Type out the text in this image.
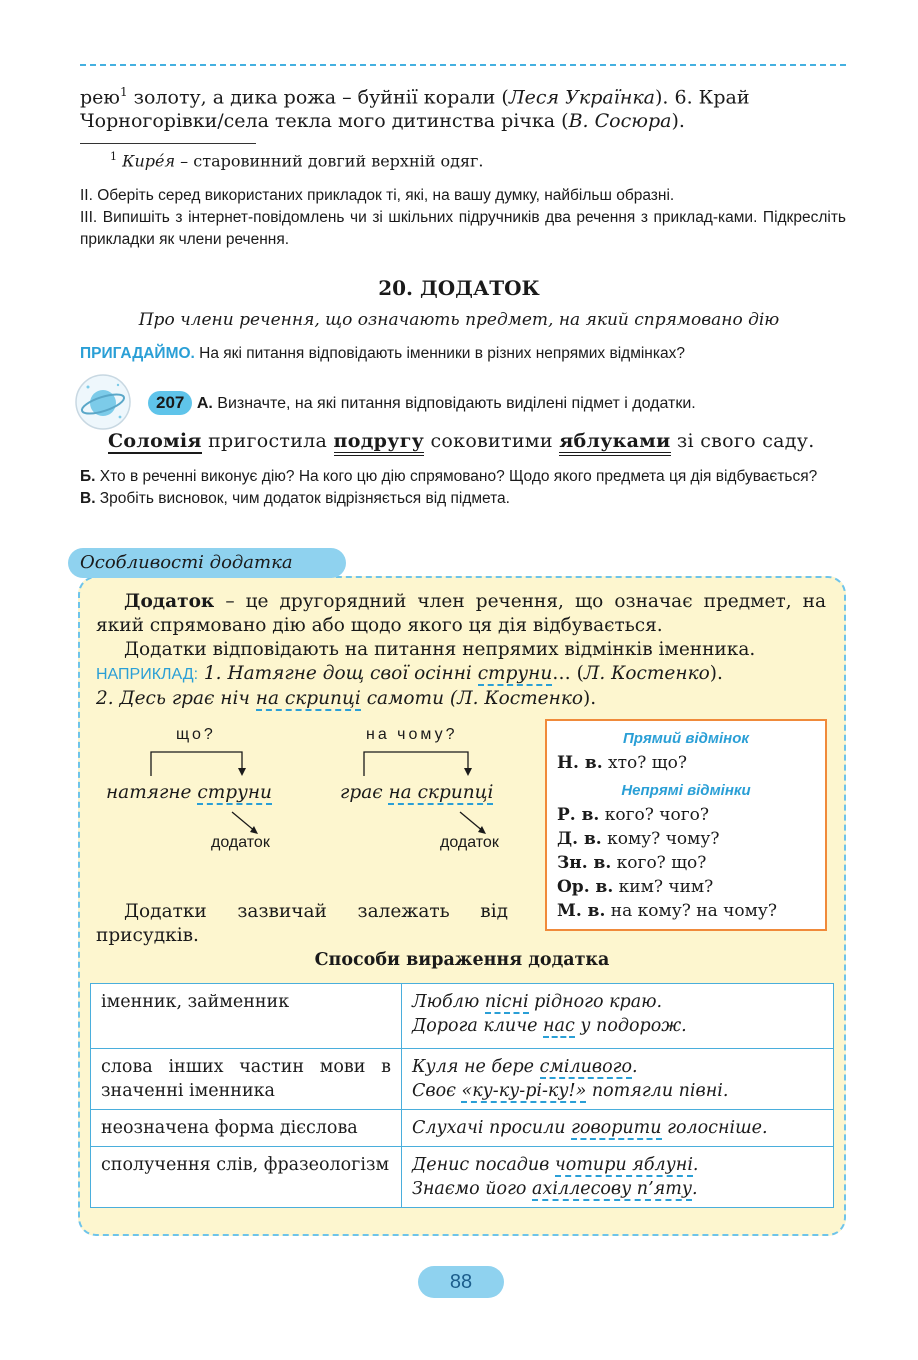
рею$^1$ золоту, а дика рожа – буйнії корали (Леся Українка). 6. Край
Чорногорівки/села текла мого дитинства річка (В. Сосюра).
$^1$ Кире́я – старовинний довгий верхній одяг.
ІІ. Оберіть серед використаних прикладок ті, які, на вашу думку, найбільш образні.
ІІІ. Випишіть з інтернет-повідомлень чи зі шкільних підручників два речення з приклад-ками. Підкресліть прикладки як члени речення.
20. ДОДАТОК
Про члени речення, що означають предмет, на який спрямовано дію
ПРИГАДАЙМО. На які питання відповідають іменники в різних непрямих відмінках?
207 А. Визначте, на які питання відповідають виділені підмет і додатки.
Соломія пригостила подругу соковитими яблуками зі свого саду.
Б. Хто в реченні виконує дію? На кого цю дію спрямовано? Щодо якого предмета ця дія відбувається?
В. Зробіть висновок, чим додаток відрізняється від підмета.
Особливості додатка

Додаток – це другорядний член речення, що означає предмет, на який спрямовано дію або щодо якого ця дія відбувається.

Додатки відповідають на питання непрямих відмінків іменника.

НАПРИКЛАД: 1. Натягне дощ свої осінні струни… (Л. Костенко).
2. Десь грає ніч на скрипці самоти (Л. Костенко).
що?
натягне струни
додаток
на чому?
грає на скрипці
додаток
Додатки зазвичай залежать від присудків.
Прямий відмінок
Н. в. хто? що?
Непрямі відмінки
Р. в. кого? чого?
Д. в. кому? чому?
Зн. в. кого? що?
Ор. в. ким? чим?
М. в. на кому? на чому?
Способи вираження додатка
іменник, займенник	Люблю пісні рідного краю.
Дорога кличе нас у подорож.

слова інших частин мови в значенні іменника	Куля не бере сміливого.
Своє «ку-ку-рі-ку!» потягли півні.

неозначена форма дієслова	Слухачі просили говорити голосніше.
сполучення слів, фразеологізм	Денис посадив чотири яблуні.
Знаємо його ахіллесову п’яту.
88
